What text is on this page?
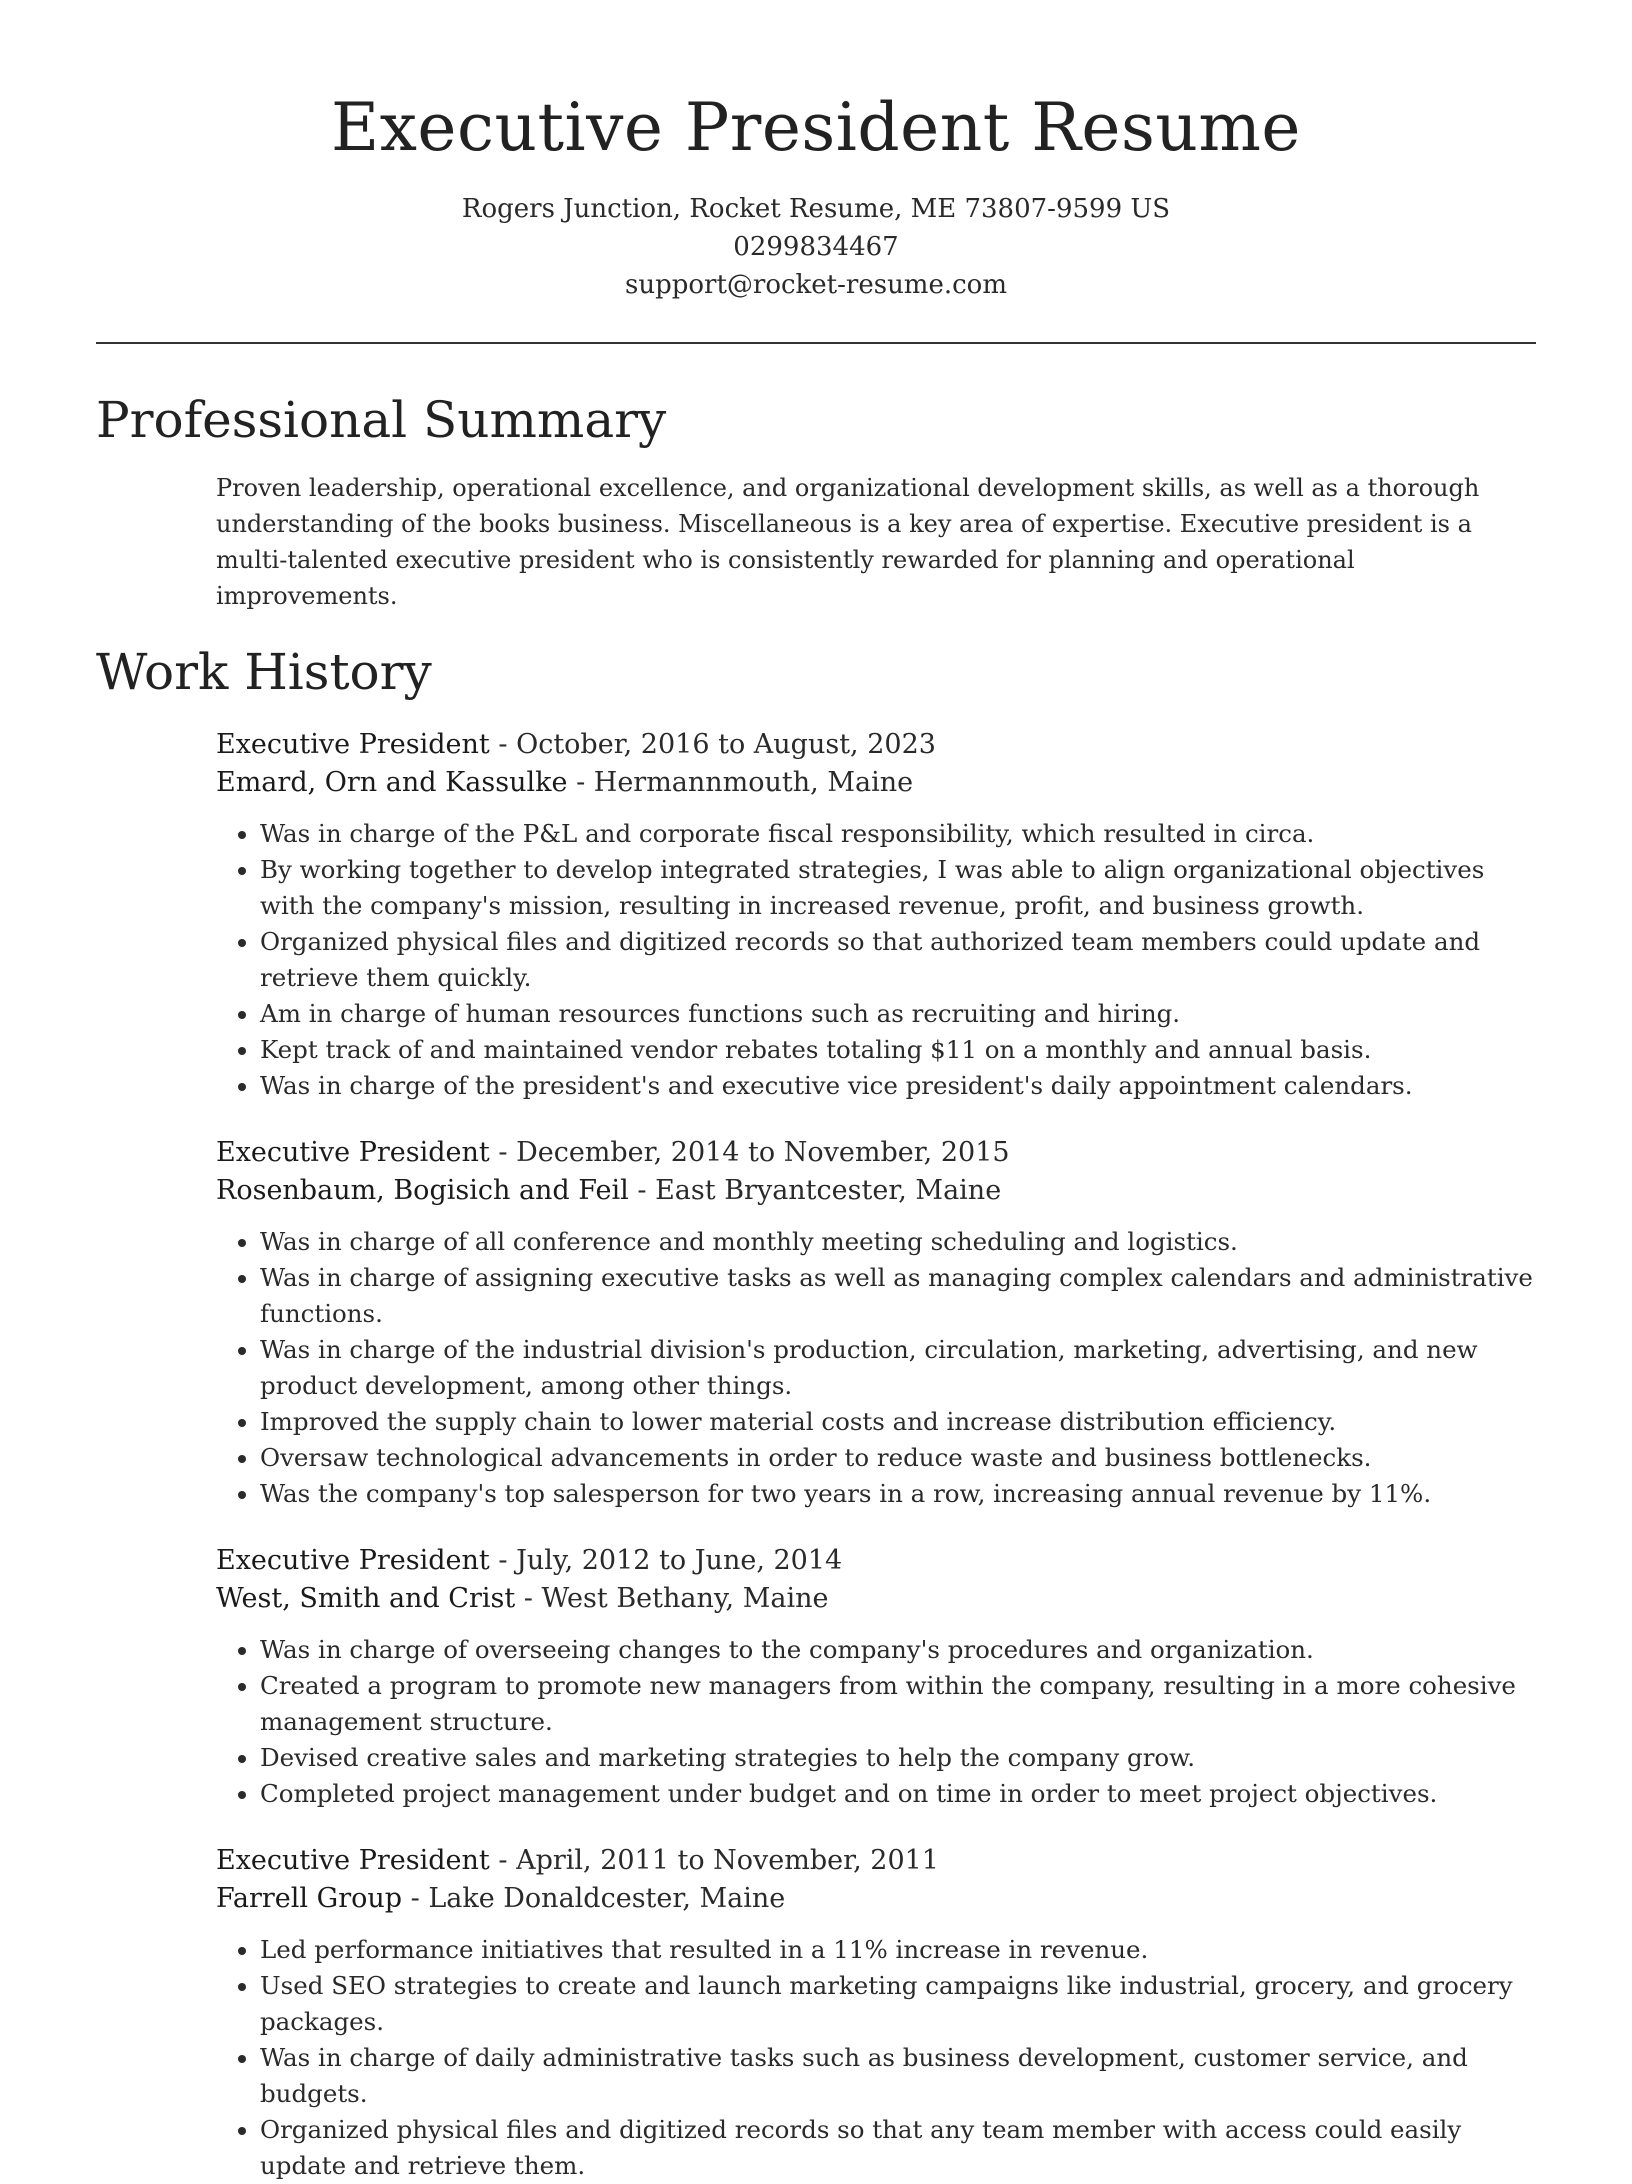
Executive President Resume
Rogers Junction, Rocket Resume, ME 73807-9599 US
0299834467
support@rocket-resume.com
Professional Summary

Proven leadership, operational excellence, and organizational development skills, as well as a thorough understanding of the books business. Miscellaneous is a key area of expertise. Executive president is a multi-talented executive president who is consistently rewarded for planning and operational improvements.

Work History
Executive President - October, 2016 to August, 2023
Emard, Orn and Kassulke - Hermannmouth, Maine
• Was in charge of the P&L and corporate fiscal responsibility, which resulted in circa.
• By working together to develop integrated strategies, I was able to align organizational objectives with the company's mission, resulting in increased revenue, profit, and business growth.
• Organized physical files and digitized records so that authorized team members could update and retrieve them quickly.
• Am in charge of human resources functions such as recruiting and hiring.
• Kept track of and maintained vendor rebates totaling $11 on a monthly and annual basis.
• Was in charge of the president's and executive vice president's daily appointment calendars.
Executive President - December, 2014 to November, 2015
Rosenbaum, Bogisich and Feil - East Bryantcester, Maine
• Was in charge of all conference and monthly meeting scheduling and logistics.
• Was in charge of assigning executive tasks as well as managing complex calendars and administrative functions.
• Was in charge of the industrial division's production, circulation, marketing, advertising, and new product development, among other things.
• Improved the supply chain to lower material costs and increase distribution efficiency.
• Oversaw technological advancements in order to reduce waste and business bottlenecks.
• Was the company's top salesperson for two years in a row, increasing annual revenue by 11%.
Executive President - July, 2012 to June, 2014
West, Smith and Crist - West Bethany, Maine
• Was in charge of overseeing changes to the company's procedures and organization.
• Created a program to promote new managers from within the company, resulting in a more cohesive management structure.
• Devised creative sales and marketing strategies to help the company grow.
• Completed project management under budget and on time in order to meet project objectives.
Executive President - April, 2011 to November, 2011
Farrell Group - Lake Donaldcester, Maine
• Led performance initiatives that resulted in a 11% increase in revenue.
• Used SEO strategies to create and launch marketing campaigns like industrial, grocery, and grocery packages.
• Was in charge of daily administrative tasks such as business development, customer service, and budgets.
• Organized physical files and digitized records so that any team member with access could easily update and retrieve them.
